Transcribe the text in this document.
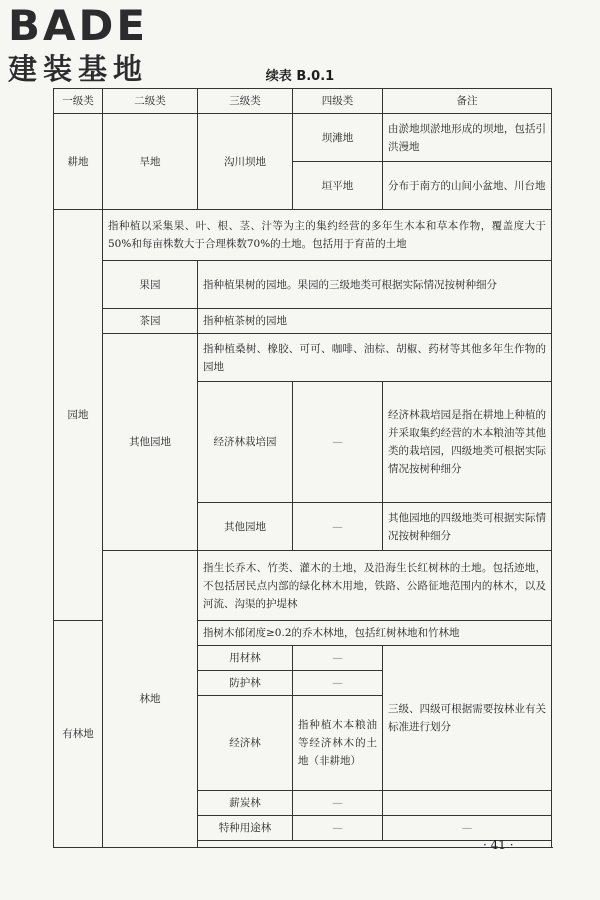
BADE
建装基地	续表 B.0.1
一级类	二级类	三级类	四级类	备注
耕地	旱地	沟川坝地	坝滩地	由淤地坝淤地形成的坝地，包括引洪漫地
			垣平地	分布于南方的山间小盆地、川台地
园地	指种植以采集果、叶、根、茎、汁等为主的集约经营的多年生木本和草本作物，覆盖度大于50%和每亩株数大于合理株数70%的土地。包括用于育苗的土地			
	果园	指种植果树的园地。果园的三级地类可根据实际情况按树种细分		
	茶园	指种植茶树的园地		
	其他园地	指种植桑树、橡胶、可可、咖啡、油棕、胡椒、药材等其他多年生作物的园地		
		经济林栽培园	—	经济林栽培园是指在耕地上种植的并采取集约经营的木本粮油等其他类的栽培园，四级地类可根据实际情况按树种细分
		其他园地	—	其他园地的四级地类可根据实际情况按树种细分
	林地	指生长乔木、竹类、灌木的土地，及沿海生长红树林的土地。包括迹地，不包括居民点内部的绿化林木用地，铁路、公路征地范围内的林木，以及河流、沟渠的护堤林		
有林地		指树木郁闭度≥0.2的乔木林地，包括红树林地和竹林地		
		用材林	—	三级、四级可根据需要按林业有关标准进行划分
		防护林	—	
		经济林	指种植木本粮油等经济林木的土地（非耕地）	
		薪炭林	—	
		特种用途林	—	—

· 41 ·
